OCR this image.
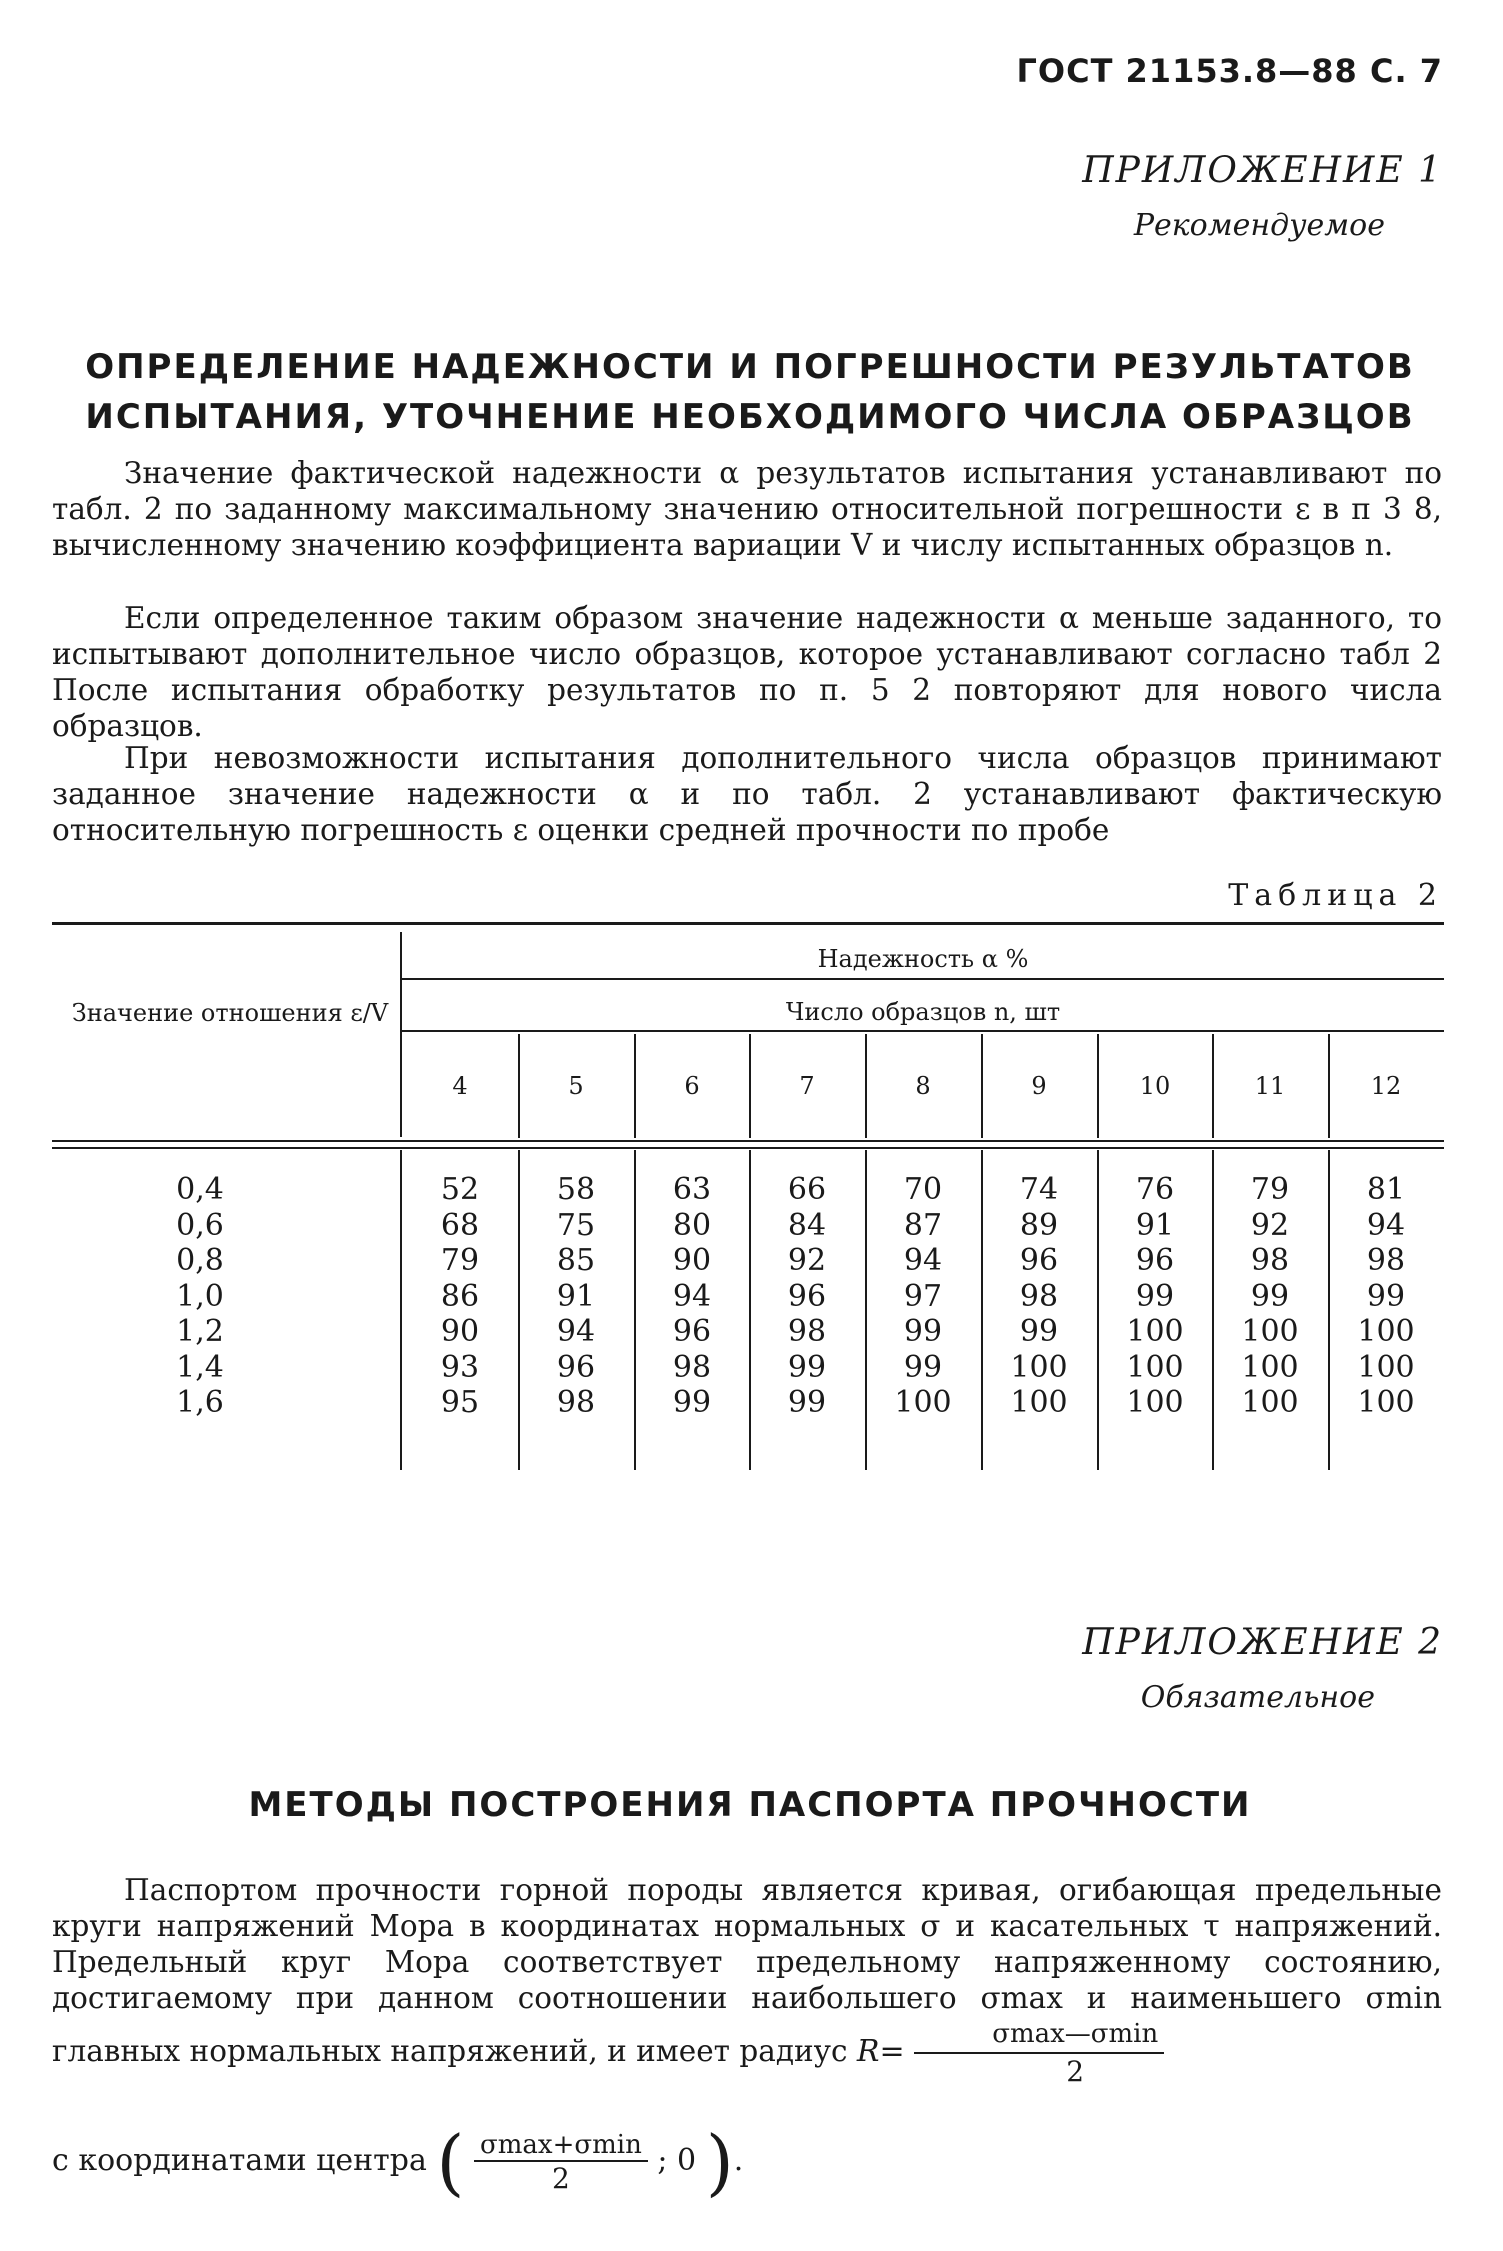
ГОСТ 21153.8—88 С. 7
ПРИЛОЖЕНИЕ 1
Рекомендуемое
ОПРЕДЕЛЕНИЕ НАДЕЖНОСТИ И ПОГРЕШНОСТИ РЕЗУЛЬТАТОВ
ИСПЫТАНИЯ, УТОЧНЕНИЕ НЕОБХОДИМОГО ЧИСЛА ОБРАЗЦОВ
Значение фактической надежности α результатов испытания устанавливают по табл. 2 по заданному максимальному значению относительной погрешности ε в п 3 8, вычисленному значению коэффициента вариации V и числу испытанных образцов n.
Если определенное таким образом значение надежности α меньше заданного, то испытывают дополнительное число образцов, которое устанавливают согласно табл 2 После испытания обработку результатов по п. 5 2 повторяют для нового числа образцов.
При невозможности испытания дополнительного числа образцов принимают заданное значение надежности α и по табл. 2 устанавливают фактическую относительную погрешность ε оценки средней прочности по пробе
Таблица 2
Значение отношения ε/V
Надежность α %
Число образцов n, шт
4	5	6	7	8	9	10	11	12
0,4	52	58	63	66	70	74	76	79	81
0,6	68	75	80	84	87	89	91	92	94
0,8	79	85	90	92	94	96	96	98	98
1,0	86	91	94	96	97	98	99	99	99
1,2	90	94	96	98	99	99	100	100	100
1,4	93	96	98	99	99	100	100	100	100
1,6	95	98	99	99	100	100	100	100	100
ПРИЛОЖЕНИЕ 2
Обязательное
МЕТОДЫ ПОСТРОЕНИЯ ПАСПОРТА ПРОЧНОСТИ
Паспортом прочности горной породы является кривая, огибающая предельные круги напряжений Мора в координатах нормальных σ и касательных τ напряжений. Предельный круг Мора соответствует предельному напряженному состоянию, достигаемому при данном соотношении наибольшего σmax и наименьшего σmin главных нормальных напряжений, и имеет радиус $R= \frac{\sigma\max—\sigma\min}{2}$
с координатами центра ( $\frac{\sigma\max+\sigma\min}{2}$ ; 0 ).
